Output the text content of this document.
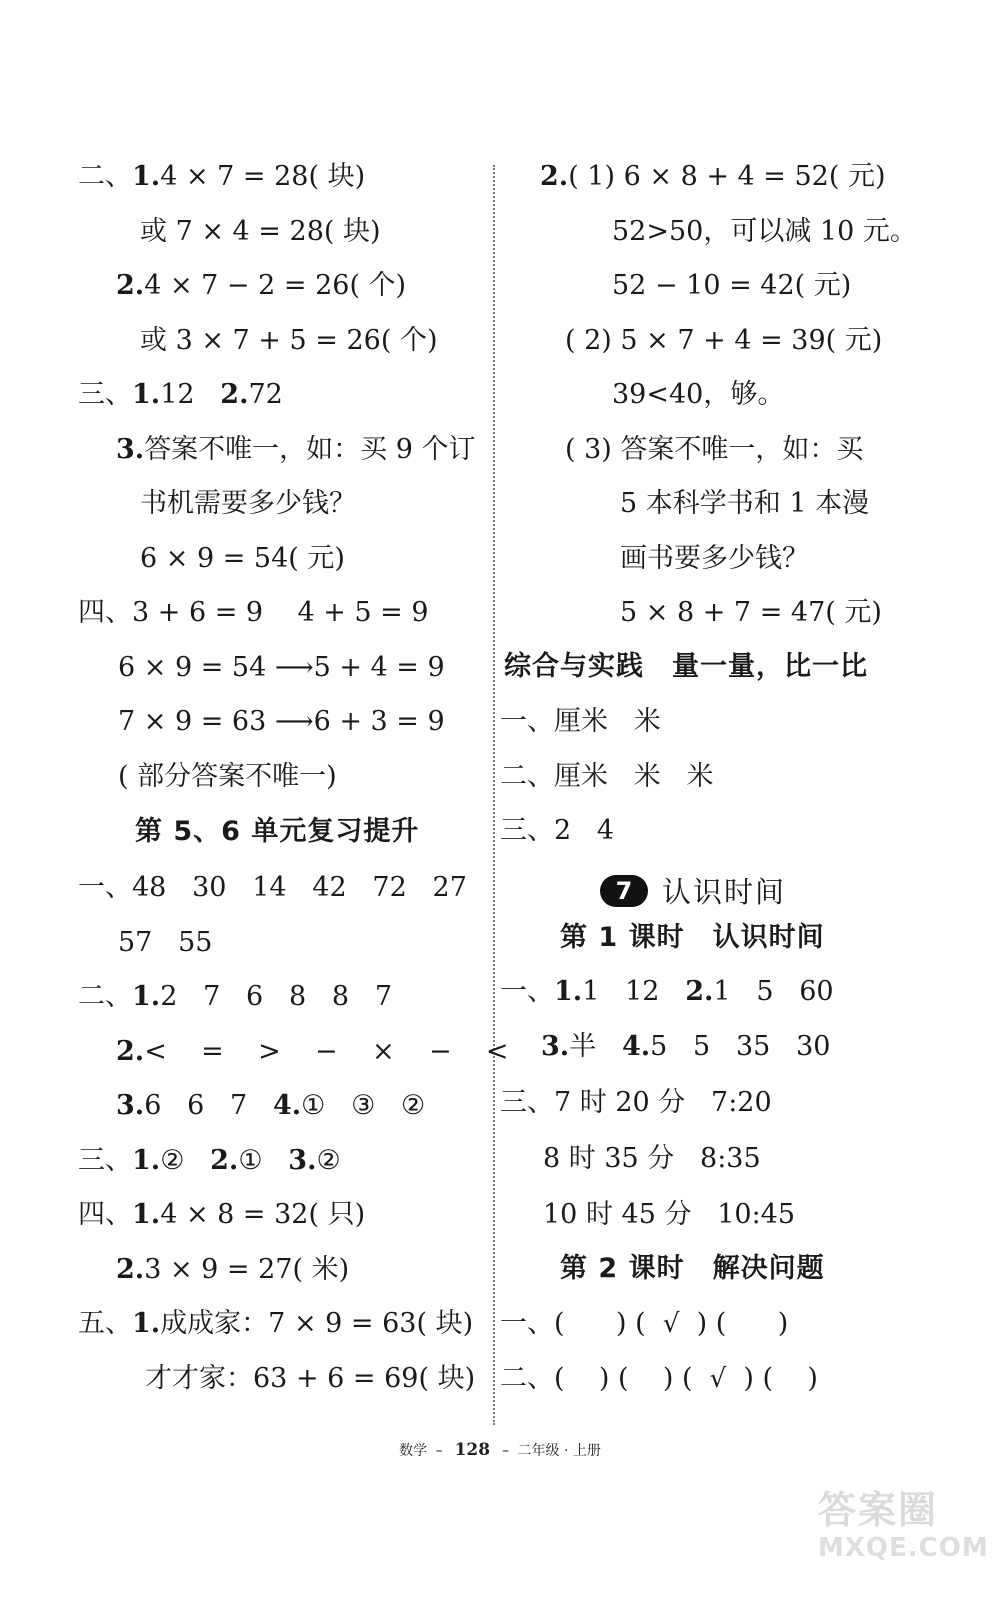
二、1.4 × 7 = 28( 块)
或 7 × 4 = 28( 块)
2.4 × 7 − 2 = 26( 个)
或 3 × 7 + 5 = 26( 个)
三、1.12   2.72
3.答案不唯一，如：买 9 个订
书机需要多少钱？
6 × 9 = 54( 元)
四、3 + 6 = 9    4 + 5 = 9
6 × 9 = 54 ⟶5 + 4 = 9
7 × 9 = 63 ⟶6 + 3 = 9
( 部分答案不唯一)
第 5、6 单元复习提升
一、48   30   14   42   72   27
57   55
二、1.2   7   6   8   8   7
2.<    =    >    −    ×    −    <
3.6   6   7   4.①   ③   ②
三、1.②   2.①   3.②
四、1.4 × 8 = 32( 只)
2.3 × 9 = 27( 米)
五、1.成成家：7 × 9 = 63( 块)
才才家：63 + 6 = 69( 块)
2.( 1) 6 × 8 + 4 = 52( 元)
52>50，可以减 10 元。
52 − 10 = 42( 元)
( 2) 5 × 7 + 4 = 39( 元)
39<40，够。
( 3) 答案不唯一，如：买
5 本科学书和 1 本漫
画书要多少钱？
5 × 8 + 7 = 47( 元)
综合与实践　量一量，比一比
一、厘米   米
二、厘米   米   米
三、2   4
7	认识时间
第 1 课时　认识时间
一、1.1   12   2.1   5   60
3.半   4.5   5   35   30
三、7 时 20 分   7:20
8 时 35 分   8:35
10 时 45 分   10:45
第 2 课时　解决问题
一、(      ) (  √  ) (      )
二、(    ) (    ) (  √  ) (    )
数学 – 128 – 二年级 · 上册
答案圈
MXQE.COM
